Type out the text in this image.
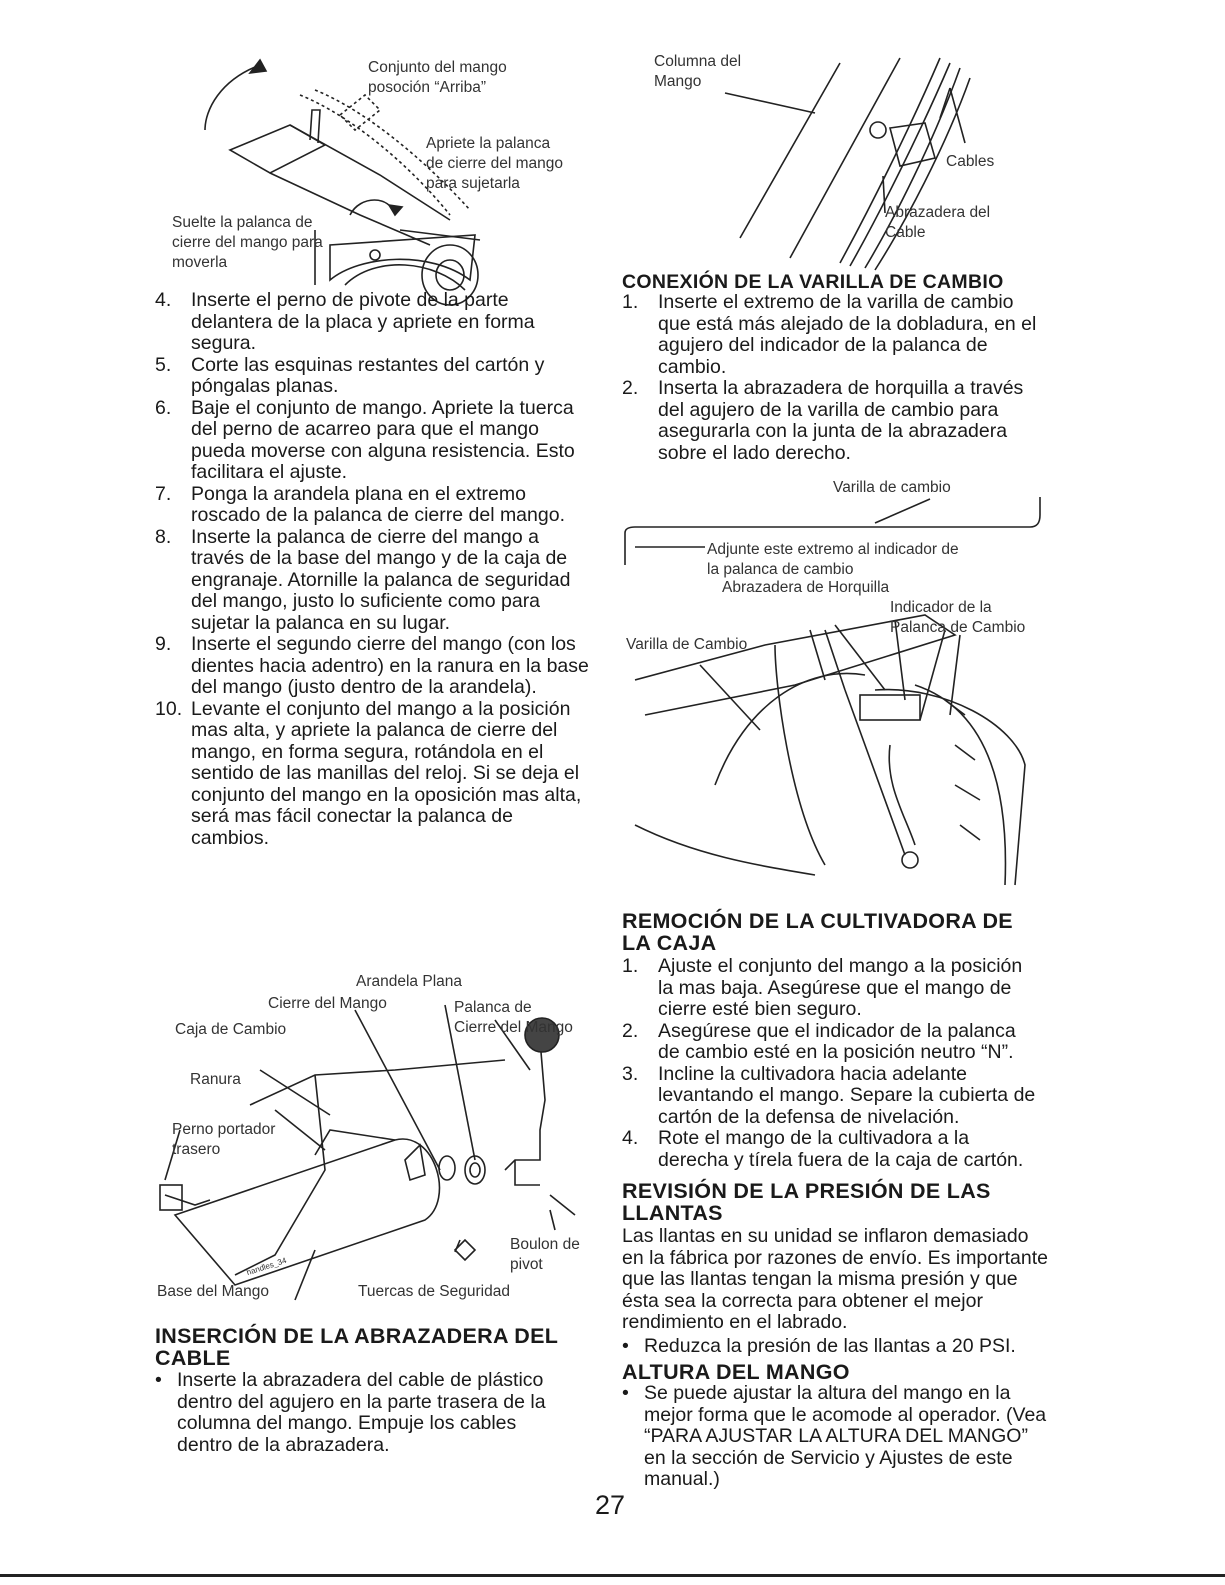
Conjunto del mango
posoción “Arriba”
Apriete la palanca
de cierre del mango
para sujetarla
Suelte la palanca de
cierre del mango para
moverla
4.	Inserte el perno de pivote de la parte delantera de la placa y apriete en forma segura.
5.	Corte las esquinas restantes del cartón y póngalas planas.
6.	Baje el conjunto de mango. Apriete la tuerca del perno de acarreo para que el mango pueda moverse con alguna resistencia. Esto facilitara el ajuste.
7.	Ponga la arandela plana en el extremo roscado de la palanca de cierre del mango.
8.	Inserte la palanca de cierre del mango a través de la base del mango y de la caja de engranaje. Atornille la palanca de seguridad del mango, justo lo suficiente como para sujetar la palanca en su lugar.
9.	Inserte el segundo cierre del mango (con los dientes hacia adentro) en la ranura en la base del mango (justo dentro de la arandela).
10. Levante el conjunto del mango a la posición mas alta, y apriete la palanca de cierre del mango, en forma segura, rotándola en el sentido de las manillas del reloj. Si se deja el conjunto del mango en la oposición mas alta, será mas fácil conectar la palanca de cambios.
Arandela Plana
Cierre del Mango	Palanca de
Cierre del Mango
Caja de Cambio
Ranura
Perno portador
trasero
Boulon de
pivot
handles_34
Base del Mango	Tuercas de Seguridad
INSERCIÓN DE LA ABRAZADERA DEL
CABLE
• Inserte la abrazadera del cable de plástico dentro del agujero en la parte trasera de la columna del mango. Empuje los cables dentro de la abrazadera.
Columna del
Mango
Cables
Abrazadera del
Cable
CONEXIÓN DE LA VARILLA DE CAMBIO
1.	Inserte el extremo de la varilla de cambio que está más alejado de la dobladura, en el agujero del indicador de la palanca de cambio.
2.	Inserta la abrazadera de horquilla a través del agujero de la varilla de cambio para asegurarla con la junta de la abrazadera sobre el lado derecho.
Varilla de cambio
Adjunte este extremo al indicador de
la palanca de cambio
Abrazadera de Horquilla
Indicador de la
Palanca de Cambio
Varilla de Cambio
REMOCIÓN DE LA CULTIVADORA DE
LA CAJA
1.	Ajuste el conjunto del mango a la posición la mas baja. Asegúrese que el mango de cierre esté bien seguro.
2.	Asegúrese que el indicador de la palanca de cambio esté en la posición neutro “N”.
3.	Incline la cultivadora hacia adelante levantando el mango. Separe la cubierta de cartón de la defensa de nivelación.
4.	Rote el mango de la cultivadora a la derecha y tírela fuera de la caja de cartón.
REVISIÓN DE LA PRESIÓN DE LAS
LLANTAS

Las llantas en su unidad se inflaron demasiado en la fábrica por razones de envío. Es importante que las llantas tengan la misma presión y que ésta sea la correcta para obtener el mejor rendimiento en el labrado.

• Reduzca la presión de las llantas a 20 PSI.
ALTURA DEL MANGO
• Se puede ajustar la altura del mango en la mejor forma que le acomode al operador. (Vea “PARA AJUSTAR LA ALTURA DEL MANGO” en la sección de Servicio y Ajustes de este manual.)
27
